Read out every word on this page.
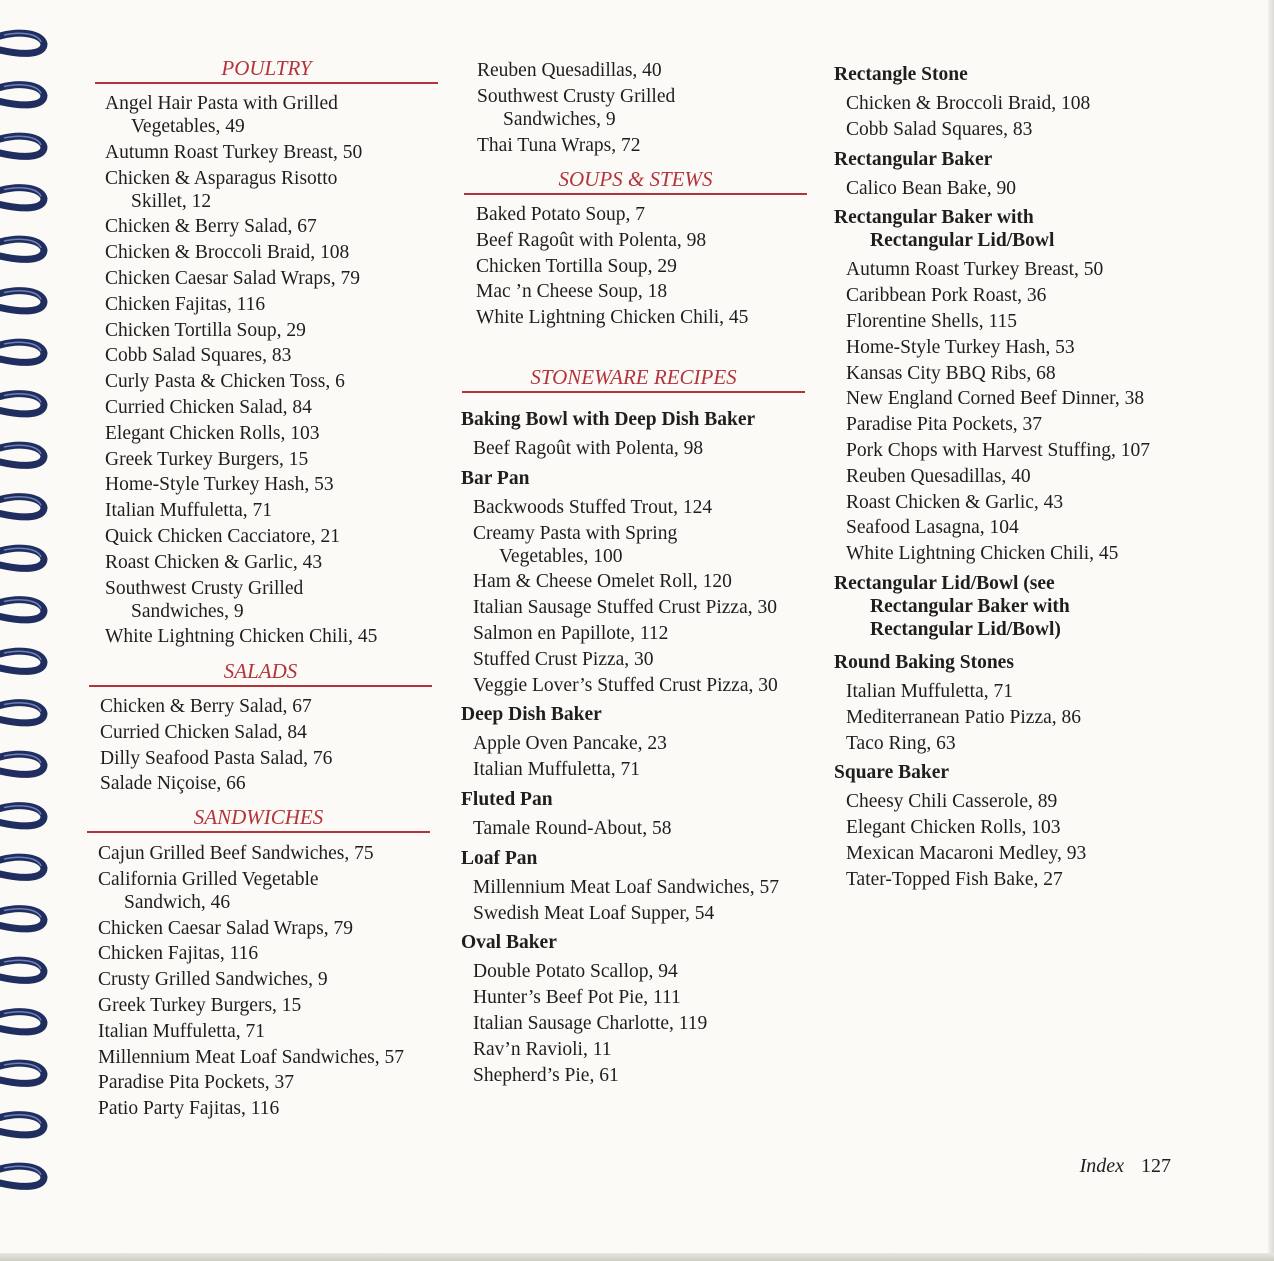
POULTRY
Angel Hair Pasta with Grilled
Vegetables, 49
Autumn Roast Turkey Breast, 50
Chicken & Asparagus Risotto
Skillet, 12
Chicken & Berry Salad, 67
Chicken & Broccoli Braid, 108
Chicken Caesar Salad Wraps, 79
Chicken Fajitas, 116
Chicken Tortilla Soup, 29
Cobb Salad Squares, 83
Curly Pasta & Chicken Toss, 6
Curried Chicken Salad, 84
Elegant Chicken Rolls, 103
Greek Turkey Burgers, 15
Home-Style Turkey Hash, 53
Italian Muffuletta, 71
Quick Chicken Cacciatore, 21
Roast Chicken & Garlic, 43
Southwest Crusty Grilled
Sandwiches, 9
White Lightning Chicken Chili, 45
SALADS
Chicken & Berry Salad, 67
Curried Chicken Salad, 84
Dilly Seafood Pasta Salad, 76
Salade Niçoise, 66
SANDWICHES
Cajun Grilled Beef Sandwiches, 75
California Grilled Vegetable
Sandwich, 46
Chicken Caesar Salad Wraps, 79
Chicken Fajitas, 116
Crusty Grilled Sandwiches, 9
Greek Turkey Burgers, 15
Italian Muffuletta, 71
Millennium Meat Loaf Sandwiches, 57
Paradise Pita Pockets, 37
Patio Party Fajitas, 116
Reuben Quesadillas, 40
Southwest Crusty Grilled
Sandwiches, 9
Thai Tuna Wraps, 72
SOUPS & STEWS
Baked Potato Soup, 7
Beef Ragoût with Polenta, 98
Chicken Tortilla Soup, 29
Mac ’n Cheese Soup, 18
White Lightning Chicken Chili, 45
STONEWARE RECIPES
Baking Bowl with Deep Dish Baker
Beef Ragoût with Polenta, 98
Bar Pan
Backwoods Stuffed Trout, 124
Creamy Pasta with Spring
Vegetables, 100
Ham & Cheese Omelet Roll, 120
Italian Sausage Stuffed Crust Pizza, 30
Salmon en Papillote, 112
Stuffed Crust Pizza, 30
Veggie Lover’s Stuffed Crust Pizza, 30
Deep Dish Baker
Apple Oven Pancake, 23
Italian Muffuletta, 71
Fluted Pan
Tamale Round-About, 58
Loaf Pan
Millennium Meat Loaf Sandwiches, 57
Swedish Meat Loaf Supper, 54
Oval Baker
Double Potato Scallop, 94
Hunter’s Beef Pot Pie, 111
Italian Sausage Charlotte, 119
Rav’n Ravioli, 11
Shepherd’s Pie, 61
Rectangle Stone
Chicken & Broccoli Braid, 108
Cobb Salad Squares, 83
Rectangular Baker
Calico Bean Bake, 90
Rectangular Baker with
Rectangular Lid/Bowl
Autumn Roast Turkey Breast, 50
Caribbean Pork Roast, 36
Florentine Shells, 115
Home-Style Turkey Hash, 53
Kansas City BBQ Ribs, 68
New England Corned Beef Dinner, 38
Paradise Pita Pockets, 37
Pork Chops with Harvest Stuffing, 107
Reuben Quesadillas, 40
Roast Chicken & Garlic, 43
Seafood Lasagna, 104
White Lightning Chicken Chili, 45
Rectangular Lid/Bowl (see
Rectangular Baker with
Rectangular Lid/Bowl)
Round Baking Stones
Italian Muffuletta, 71
Mediterranean Patio Pizza, 86
Taco Ring, 63
Square Baker
Cheesy Chili Casserole, 89
Elegant Chicken Rolls, 103
Mexican Macaroni Medley, 93
Tater-Topped Fish Bake, 27
Index 127
